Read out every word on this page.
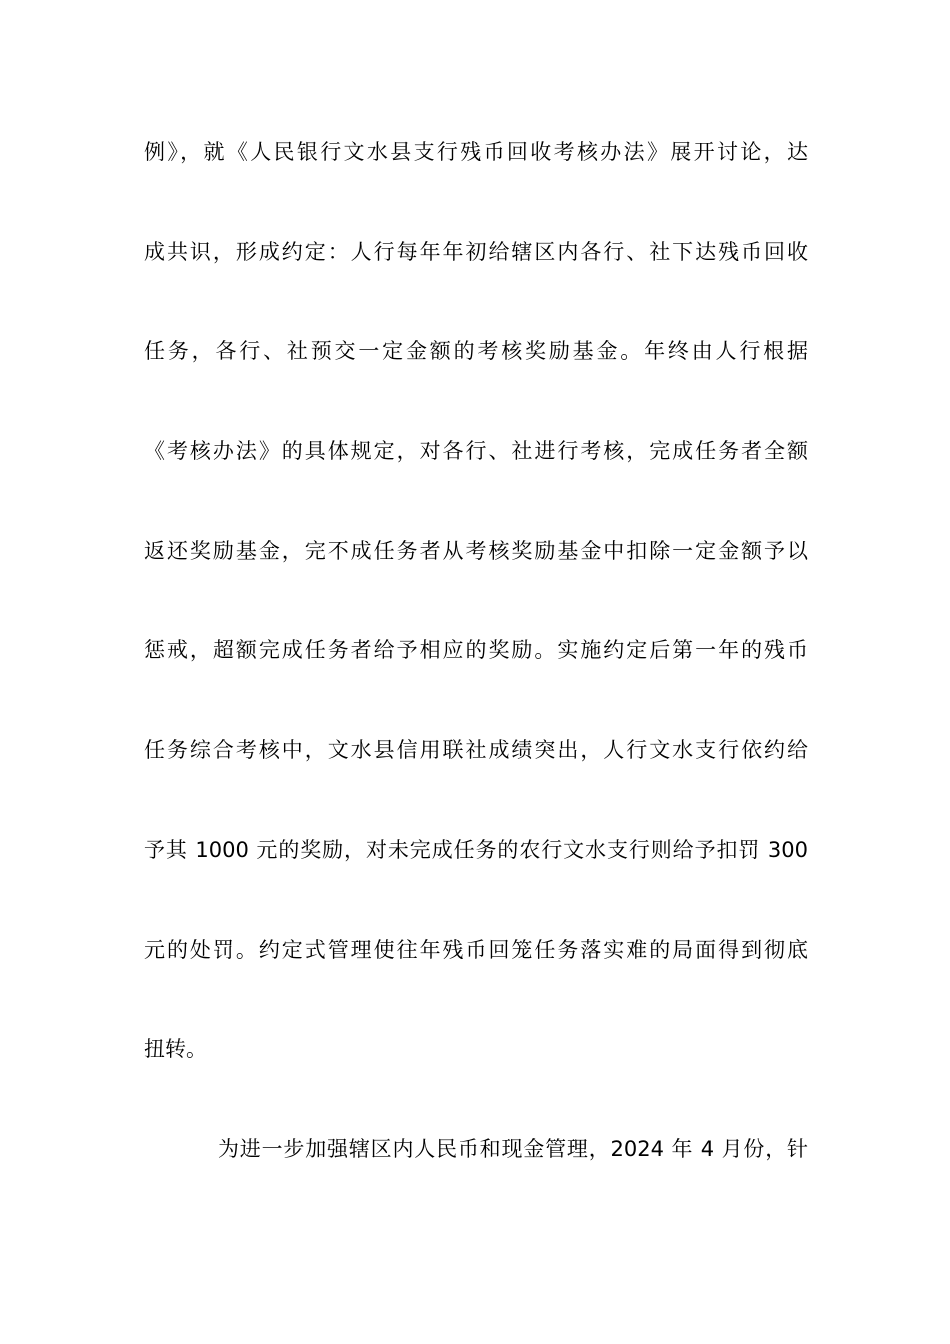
例》，就《人民银行文水县支行残币回收考核办法》展开讨论，达
成共识，形成约定：人行每年年初给辖区内各行、社下达残币回收
任务，各行、社预交一定金额的考核奖励基金。年终由人行根据
《考核办法》的具体规定，对各行、社进行考核，完成任务者全额
返还奖励基金，完不成任务者从考核奖励基金中扣除一定金额予以
惩戒，超额完成任务者给予相应的奖励。实施约定后第一年的残币
任务综合考核中，文水县信用联社成绩突出，人行文水支行依约给
予其 1000 元的奖励，对未完成任务的农行文水支行则给予扣罚 300
元的处罚。约定式管理使往年残币回笼任务落实难的局面得到彻底
扭转。
为进一步加强辖区内人民币和现金管理，2024 年 4 月份，针
